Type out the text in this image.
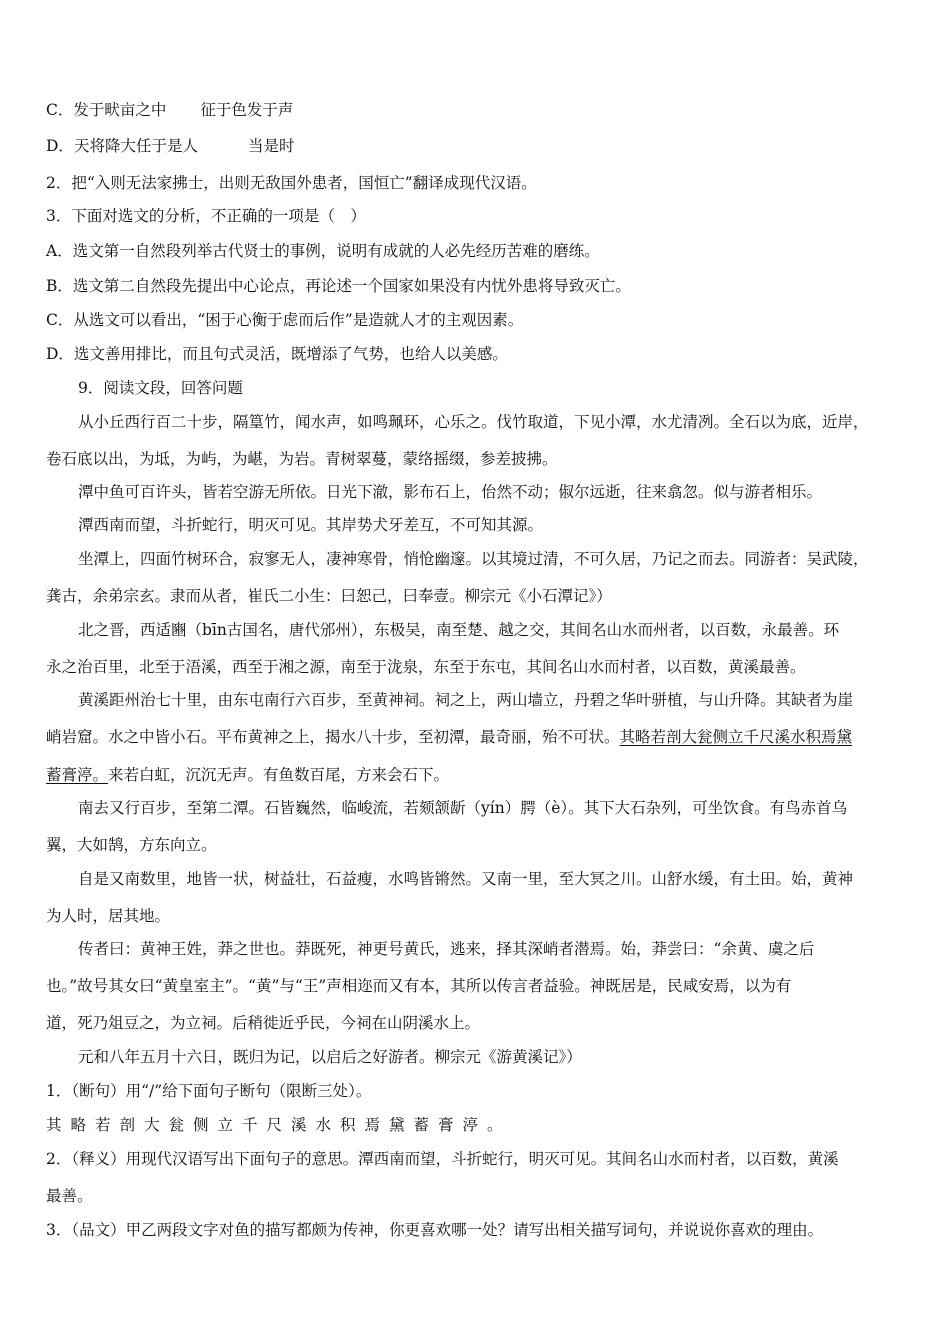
C．发于畎亩之中 征于色发于声
D．天将降大任于是人	当是时
2．把“入则无法家拂士，出则无敌国外患者，国恒亡”翻译成现代汉语。
3．下面对选文的分析，不正确的一项是（　）
A．选文第一自然段列举古代贤士的事例，说明有成就的人必先经历苦难的磨练。
B．选文第二自然段先提出中心论点，再论述一个国家如果没有内忧外患将导致灭亡。
C．从选文可以看出，“困于心衡于虑而后作”是造就人才的主观因素。
D．选文善用排比，而且句式灵活，既增添了气势，也给人以美感。
9．阅读文段，回答问题
从小丘西行百二十步，隔篁竹，闻水声，如鸣珮环，心乐之。伐竹取道，下见小潭，水尤清冽。全石以为底，近岸，
卷石底以出，为坻，为屿，为嵁，为岩。青树翠蔓，蒙络摇缀，参差披拂。
潭中鱼可百许头，皆若空游无所依。日光下澈，影布石上，佁然不动；俶尔远逝，往来翕忽。似与游者相乐。
潭西南而望，斗折蛇行，明灭可见。其岸势犬牙差互，不可知其源。
坐潭上，四面竹树环合，寂寥无人，凄神寒骨，悄怆幽邃。以其境过清，不可久居，乃记之而去。同游者：吴武陵，
龚古，余弟宗玄。隶而从者，崔氏二小生：曰恕己，曰奉壹。柳宗元《小石潭记》）
北之晋，西适豳（bīn古国名，唐代邠州），东极吴，南至楚、越之交，其间名山水而州者，以百数，永最善。环
永之治百里，北至于浯溪，西至于湘之源，南至于泷泉，东至于东屯，其间名山水而村者，以百数，黄溪最善。
黄溪距州治七十里，由东屯南行六百步，至黄神祠。祠之上，两山墙立，丹碧之华叶骈植，与山升降。其缺者为崖
峭岩窟。水之中皆小石。平布黄神之上，揭水八十步，至初潭，最奇丽，殆不可状。其略若剖大瓮侧立千尺溪水积焉黛
蓄膏渟。来若白虹，沉沉无声。有鱼数百尾，方来会石下。
南去又行百步，至第二潭。石皆巍然，临峻流，若颏颔龂（yín）腭（è）。其下大石杂列，可坐饮食。有鸟赤首乌
翼，大如鹄，方东向立。
自是又南数里，地皆一状，树益壮，石益瘦，水鸣皆锵然。又南一里，至大冥之川。山舒水缓，有土田。始，黄神
为人时，居其地。
传者曰：黄神王姓，莽之世也。莽既死，神更号黄氏，逃来，择其深峭者潜焉。始，莽尝曰：“余黄、虞之后
也。”故号其女曰“黄皇室主”。“黄”与“王”声相迩而又有本，其所以传言者益验。神既居是，民咸安焉，以为有
道，死乃俎豆之，为立祠。后稍徙近乎民，今祠在山阴溪水上。
元和八年五月十六日，既归为记，以启后之好游者。柳宗元《游黄溪记》）
1．（断句）用“/”给下面句子断句（限断三处）。
其略若剖大瓮侧立千尺溪水积焉黛蓄膏渟。
2．（释义）用现代汉语写出下面句子的意思。潭西南而望，斗折蛇行，明灭可见。其间名山水而村者，以百数，黄溪
最善。
3．（品文）甲乙两段文字对鱼的描写都颇为传神，你更喜欢哪一处？请写出相关描写词句，并说说你喜欢的理由。
